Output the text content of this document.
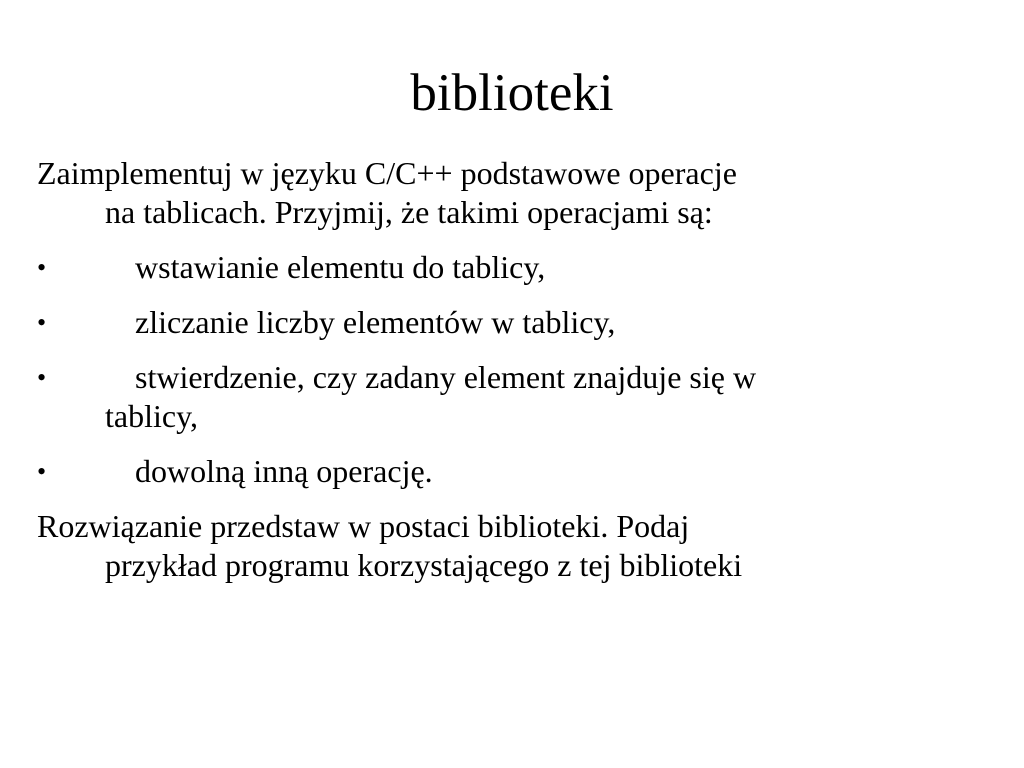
biblioteki

Zaimplementuj w języku C/C++ podstawowe operacje
na tablicach. Przyjmij, że takimi operacjami są:

•	wstawianie elementu do tablicy,
•	zliczanie liczby elementów w tablicy,
•	stwierdzenie, czy zadany element znajduje się w
tablicy,
•	dowolną inną operację.

Rozwiązanie przedstaw w postaci biblioteki. Podaj
przykład programu korzystającego z tej biblioteki
